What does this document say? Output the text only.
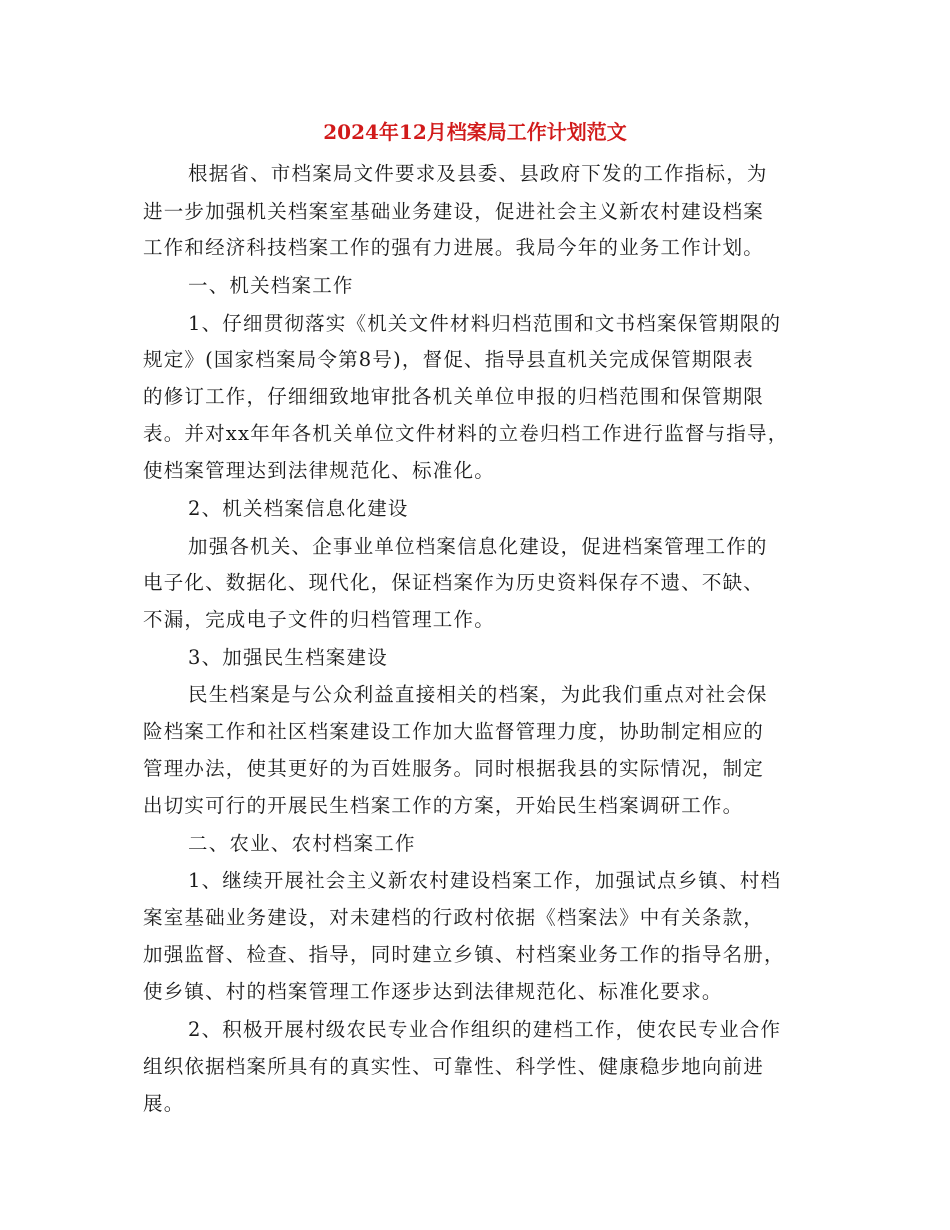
2024年12月档案局工作计划范文
根据省、市档案局文件要求及县委、县政府下发的工作指标，为
进一步加强机关档案室基础业务建设，促进社会主义新农村建设档案
工作和经济科技档案工作的强有力进展。我局今年的业务工作计划。
一、机关档案工作
1、仔细贯彻落实《机关文件材料归档范围和文书档案保管期限的
规定》(国家档案局令第8号)，督促、指导县直机关完成保管期限表
的修订工作，仔细细致地审批各机关单位申报的归档范围和保管期限
表。并对xx年年各机关单位文件材料的立卷归档工作进行监督与指导，
使档案管理达到法律规范化、标准化。
2、机关档案信息化建设
加强各机关、企事业单位档案信息化建设，促进档案管理工作的
电子化、数据化、现代化，保证档案作为历史资料保存不遗、不缺、
不漏，完成电子文件的归档管理工作。
3、加强民生档案建设
民生档案是与公众利益直接相关的档案，为此我们重点对社会保
险档案工作和社区档案建设工作加大监督管理力度，协助制定相应的
管理办法，使其更好的为百姓服务。同时根据我县的实际情况，制定
出切实可行的开展民生档案工作的方案，开始民生档案调研工作。
二、农业、农村档案工作
1、继续开展社会主义新农村建设档案工作，加强试点乡镇、村档
案室基础业务建设，对未建档的行政村依据《档案法》中有关条款，
加强监督、检查、指导，同时建立乡镇、村档案业务工作的指导名册，
使乡镇、村的档案管理工作逐步达到法律规范化、标准化要求。
2、积极开展村级农民专业合作组织的建档工作，使农民专业合作
组织依据档案所具有的真实性、可靠性、科学性、健康稳步地向前进
展。
